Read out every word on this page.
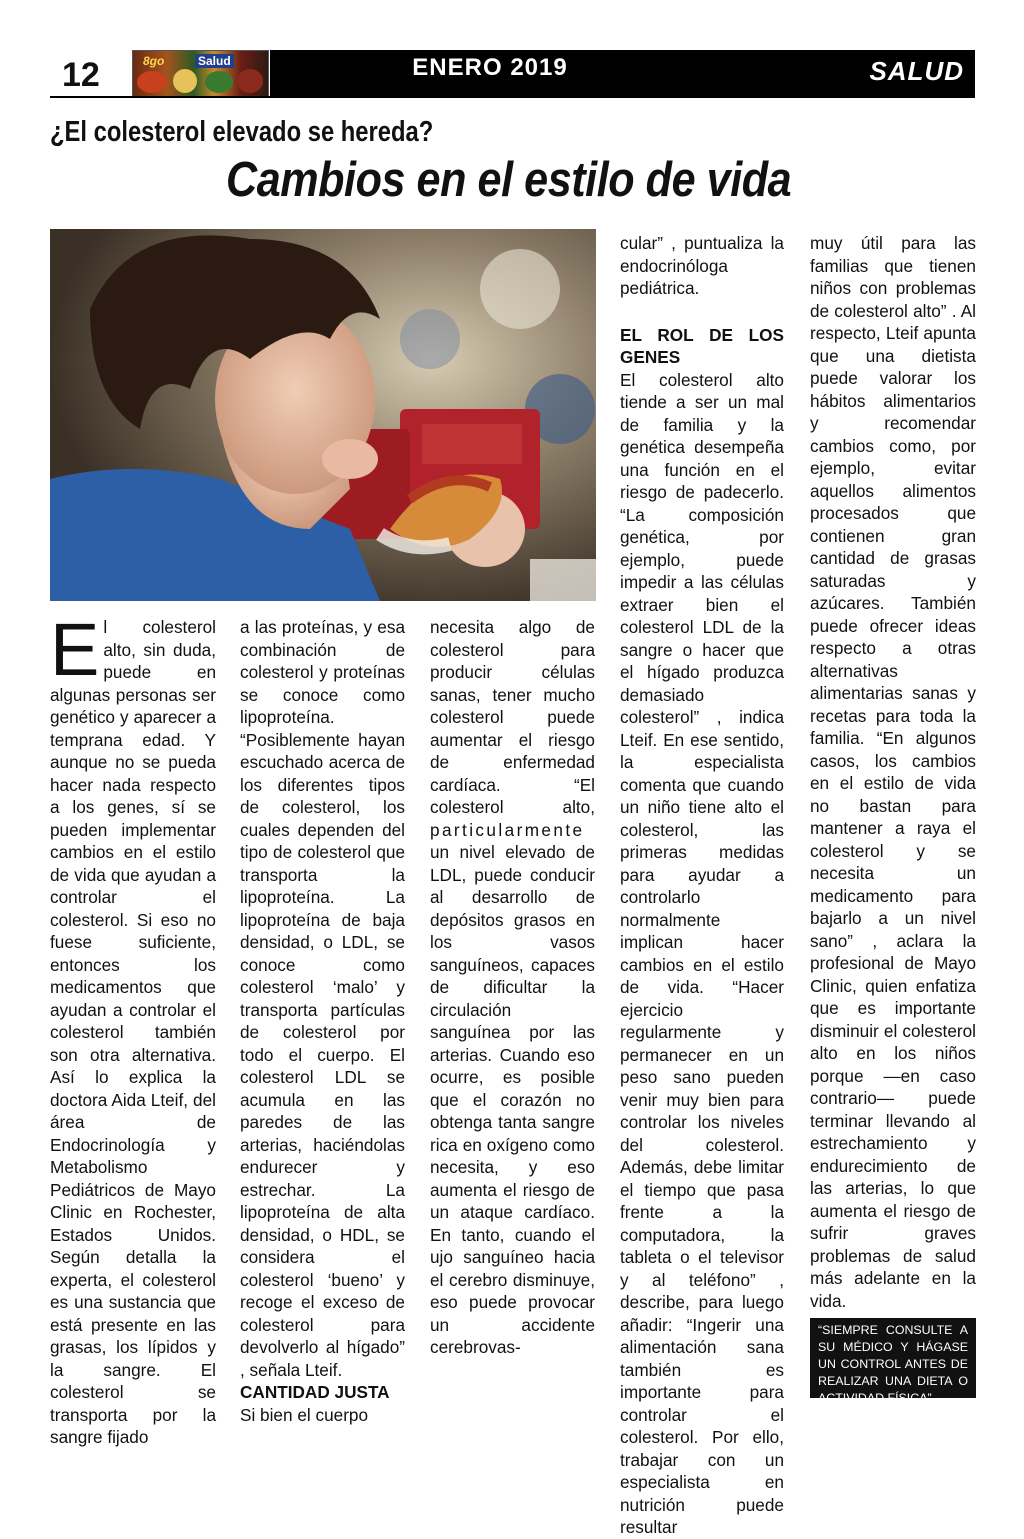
12	8go	Salud	ENERO 2019	SALUD
¿El colesterol elevado se hereda?
Cambios en el estilo de vida

El colesterol alto, sin duda, puede en algunas personas ser genético y aparecer a temprana edad. Y aunque no se pueda hacer nada respecto a los genes, sí se pueden implementar cambios en el estilo de vida que ayudan a controlar el colesterol. Si eso no fuese suficiente, entonces los medicamentos que ayudan a controlar el colesterol también son otra alternativa. Así lo explica la doctora Aida Lteif, del área de Endocrinología y Metabolismo Pediátricos de Mayo Clinic en Rochester, Estados Unidos. Según detalla la experta, el colesterol es una sustancia que está presente en las grasas, los lípidos y la sangre. El colesterol se transporta por la sangre fijado

a las proteínas, y esa combinación de colesterol y proteínas se conoce como lipoproteína. “Posiblemente hayan escuchado acerca de los diferentes tipos de colesterol, los cuales dependen del tipo de colesterol que transporta la lipoproteína. La lipoproteína de baja densidad, o LDL, se conoce como colesterol ‘malo’ y transporta partículas de colesterol por todo el cuerpo. El colesterol LDL se acumula en las paredes de las arterias, haciéndolas endurecer y estrechar. La lipoproteína de alta densidad, o HDL, se considera el colesterol ‘bueno’ y recoge el exceso de colesterol para devolverlo al hígado” , señala Lteif.

CANTIDAD JUSTA

Si bien el cuerpo

necesita algo de colesterol para producir células sanas, tener mucho colesterol puede aumentar el riesgo de enfermedad cardíaca. “El colesterol alto, particularmente un nivel elevado de LDL, puede conducir al desarrollo de depósitos grasos en los vasos sanguíneos, capaces de dificultar la circulación sanguínea por las arterias. Cuando eso ocurre, es posible que el corazón no obtenga tanta sangre rica en oxígeno como necesita, y eso aumenta el riesgo de un ataque cardíaco. En tanto, cuando el ujo sanguíneo hacia el cerebro disminuye, eso puede provocar un accidente cerebrovas-

cular” , puntualiza la endocrinóloga pediátrica.

EL ROL DE LOS GENES

El colesterol alto tiende a ser un mal de familia y la genética desempeña una función en el riesgo de padecerlo. “La composición genética, por ejemplo, puede impedir a las células extraer bien el colesterol LDL de la sangre o hacer que el hígado produzca demasiado colesterol” , indica Lteif. En ese sentido, la especialista comenta que cuando un niño tiene alto el colesterol, las primeras medidas para ayudar a controlarlo normalmente implican hacer cambios en el estilo de vida. “Hacer ejercicio regularmente y permanecer en un peso sano pueden venir muy bien para controlar los niveles del colesterol. Además, debe limitar el tiempo que pasa frente a la computadora, la tableta o el televisor y al teléfono” , describe, para luego añadir: “Ingerir una alimentación sana también es importante para controlar el colesterol. Por ello, trabajar con un especialista en nutrición puede resultar

muy útil para las familias que tienen niños con problemas de colesterol alto” . Al respecto, Lteif apunta que una dietista puede valorar los hábitos alimentarios y recomendar cambios como, por ejemplo, evitar aquellos alimentos procesados que contienen gran cantidad de grasas saturadas y azúcares. También puede ofrecer ideas respecto a otras alternativas alimentarias sanas y recetas para toda la familia. “En algunos casos, los cambios en el estilo de vida no bastan para mantener a raya el colesterol y se necesita un medicamento para bajarlo a un nivel sano” , aclara la profesional de Mayo Clinic, quien enfatiza que es importante disminuir el colesterol alto en los niños porque —en caso contrario— puede terminar llevando al estrechamiento y endurecimiento de las arterias, lo que aumenta el riesgo de sufrir graves problemas de salud más adelante en la vida.

“SIEMPRE CONSULTE A SU MÉDICO Y HÁGASE UN CONTROL ANTES DE REALIZAR UNA DIETA O ACTIVIDAD FÍSICA”
